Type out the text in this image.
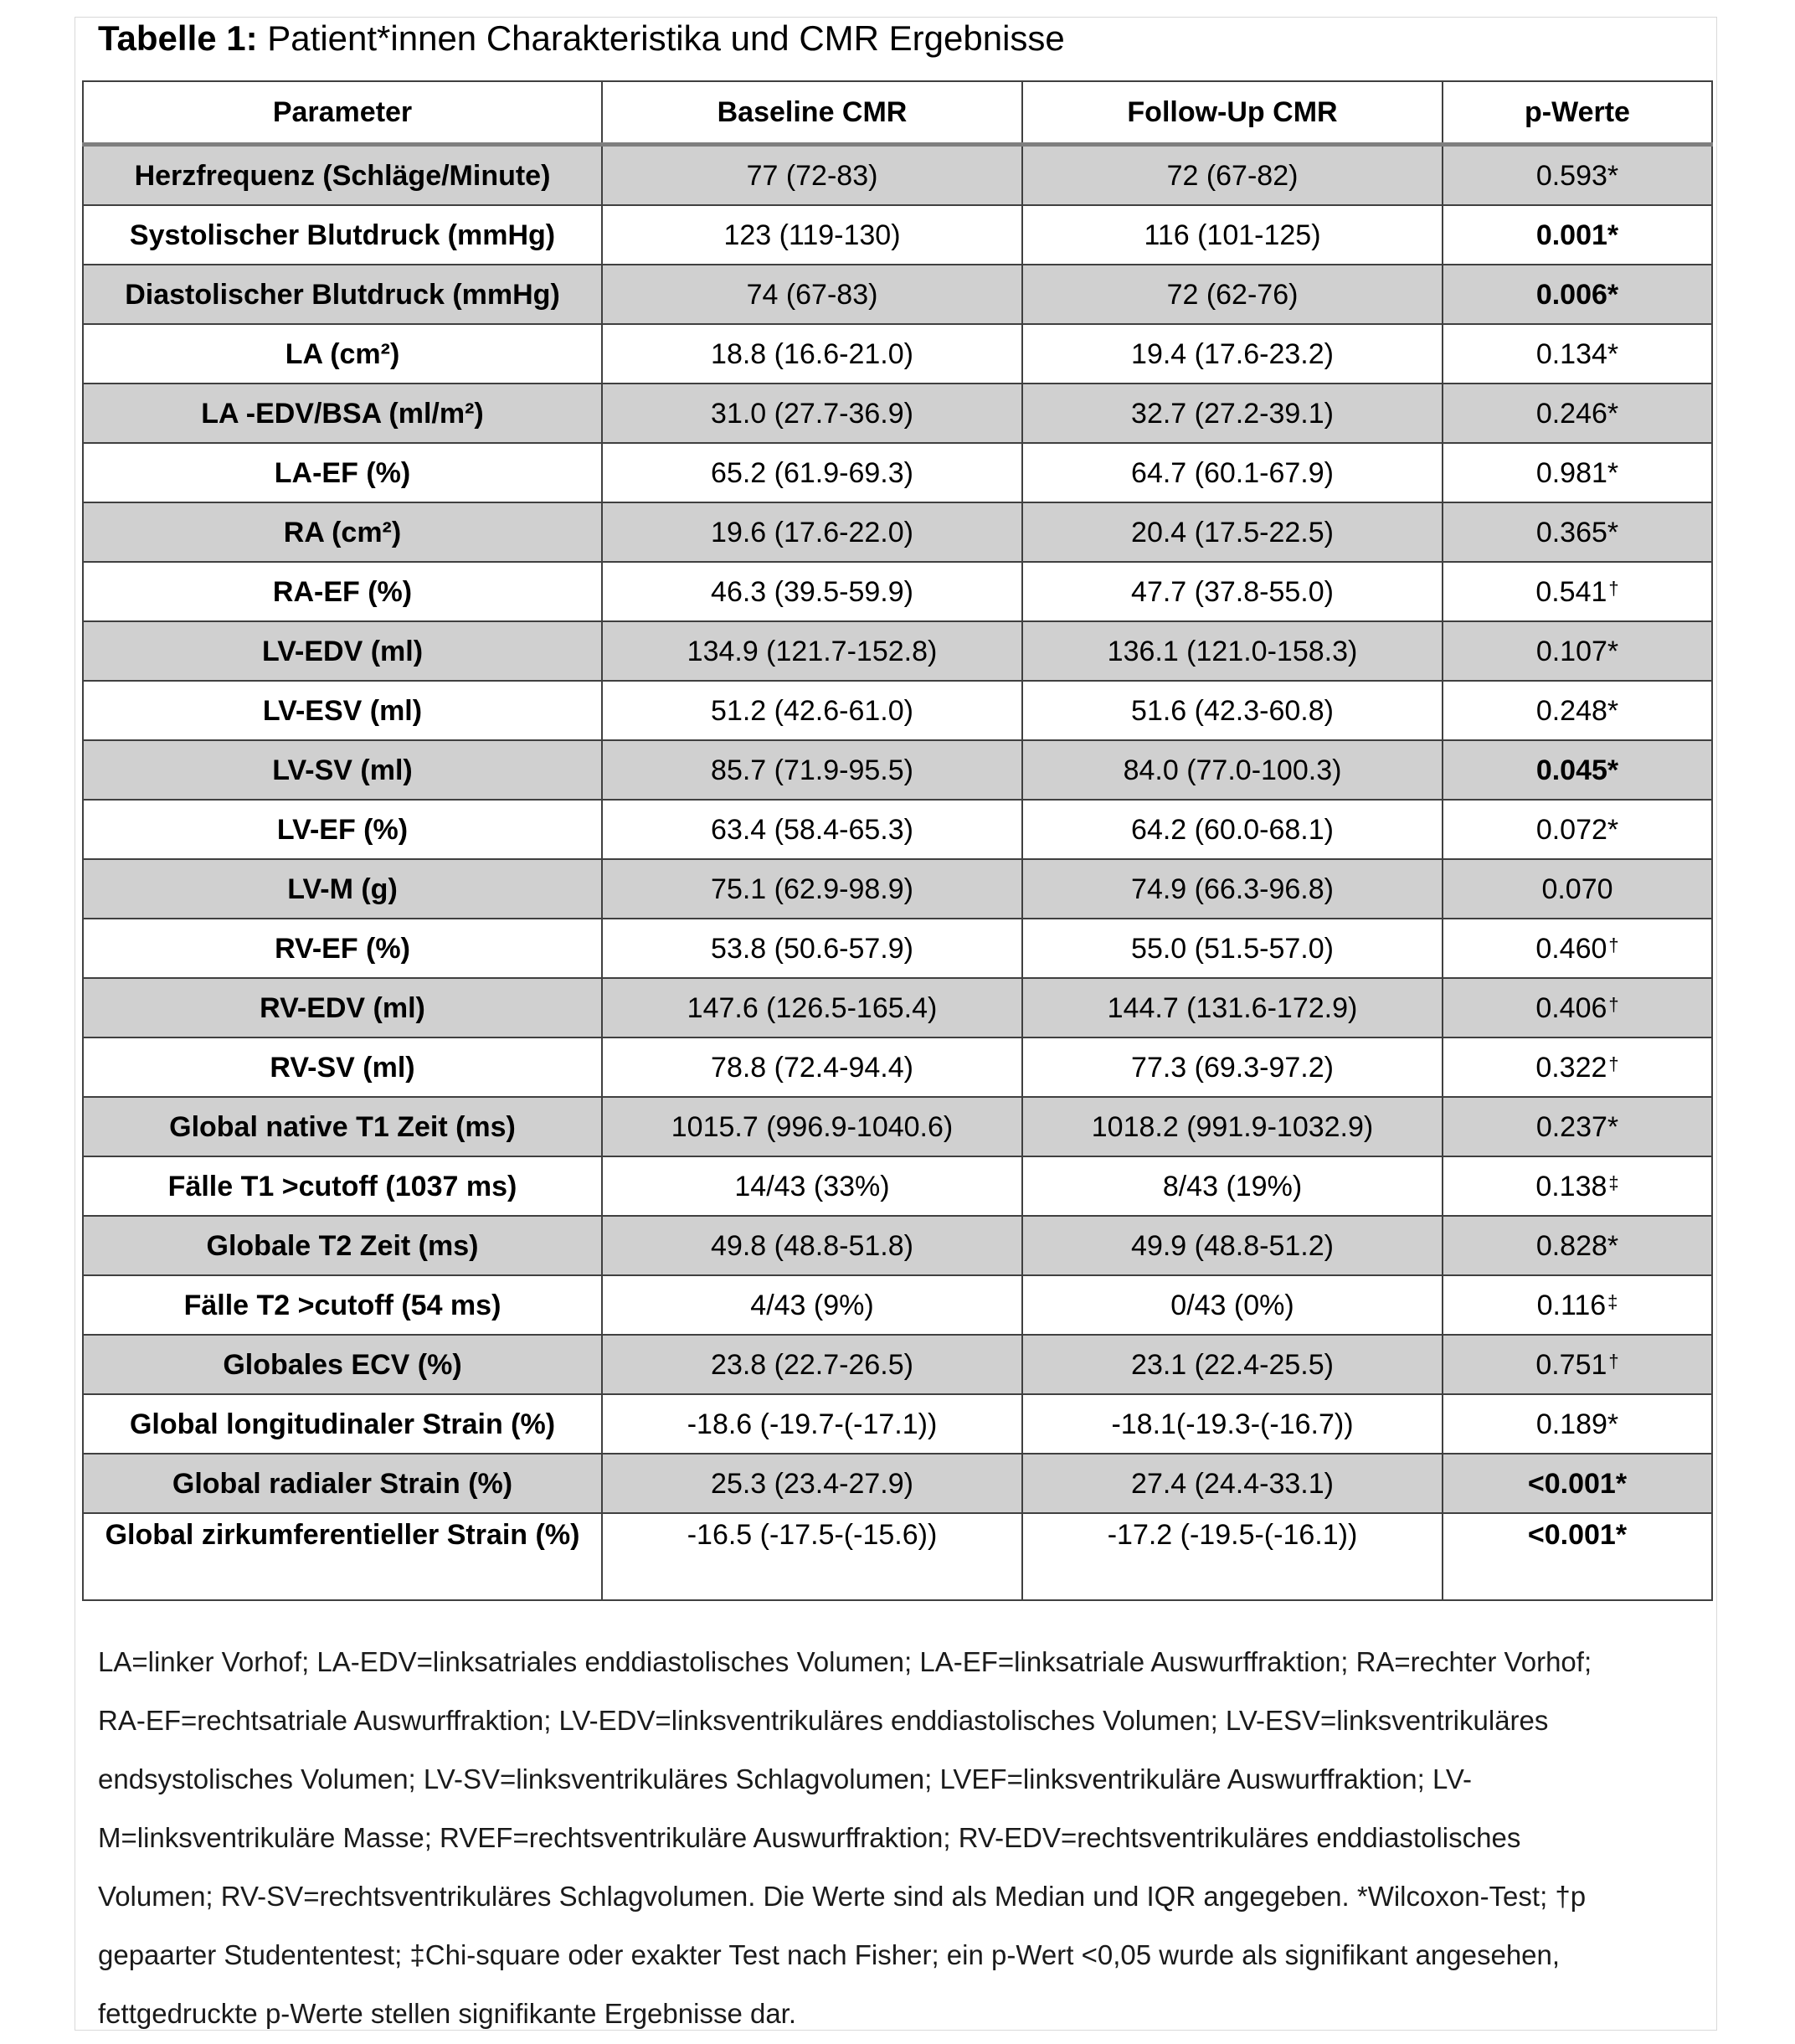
Tabelle 1: Patient*innen Charakteristika und CMR Ergebnisse
Parameter	Baseline CMR	Follow-Up CMR	p-Werte
Herzfrequenz (Schläge/Minute)	77 (72-83)	72 (67-82)	0.593*
Systolischer Blutdruck (mmHg)	123 (119-130)	116 (101-125)	0.001*
Diastolischer Blutdruck (mmHg)	74 (67-83)	72 (62-76)	0.006*
LA (cm²)	18.8 (16.6-21.0)	19.4 (17.6-23.2)	0.134*
LA -EDV/BSA (ml/m²)	31.0 (27.7-36.9)	32.7 (27.2-39.1)	0.246*
LA-EF (%)	65.2 (61.9-69.3)	64.7 (60.1-67.9)	0.981*
RA (cm²)	19.6 (17.6-22.0)	20.4 (17.5-22.5)	0.365*
RA-EF (%)	46.3 (39.5-59.9)	47.7 (37.8-55.0)	0.541†
LV-EDV (ml)	134.9 (121.7-152.8)	136.1 (121.0-158.3)	0.107*
LV-ESV (ml)	51.2 (42.6-61.0)	51.6 (42.3-60.8)	0.248*
LV-SV (ml)	85.7 (71.9-95.5)	84.0 (77.0-100.3)	0.045*
LV-EF (%)	63.4 (58.4-65.3)	64.2 (60.0-68.1)	0.072*
LV-M (g)	75.1 (62.9-98.9)	74.9 (66.3-96.8)	0.070
RV-EF (%)	53.8 (50.6-57.9)	55.0 (51.5-57.0)	0.460†
RV-EDV (ml)	147.6 (126.5-165.4)	144.7 (131.6-172.9)	0.406†
RV-SV (ml)	78.8 (72.4-94.4)	77.3 (69.3-97.2)	0.322†
Global native T1 Zeit (ms)	1015.7 (996.9-1040.6)	1018.2 (991.9-1032.9)	0.237*
Fälle T1 >cutoff (1037 ms)	14/43 (33%)	8/43 (19%)	0.138‡
Globale T2 Zeit (ms)	49.8 (48.8-51.8)	49.9 (48.8-51.2)	0.828*
Fälle T2 >cutoff (54 ms)	4/43 (9%)	0/43 (0%)	0.116‡
Globales ECV (%)	23.8 (22.7-26.5)	23.1 (22.4-25.5)	0.751†
Global longitudinaler Strain (%)	-18.6 (-19.7-(-17.1))	-18.1(-19.3-(-16.7))	0.189*
Global radialer Strain (%)	25.3 (23.4-27.9)	27.4 (24.4-33.1)	<0.001*
Global zirkumferentieller Strain (%)	-16.5 (-17.5-(-15.6))	-17.2 (-19.5-(-16.1))	<0.001*
LA=linker Vorhof; LA-EDV=linksatriales enddiastolisches Volumen; LA-EF=linksatriale Auswurffraktion; RA=rechter Vorhof;
RA-EF=rechtsatriale Auswurffraktion; LV-EDV=linksventrikuläres enddiastolisches Volumen; LV-ESV=linksventrikuläres
endsystolisches Volumen; LV-SV=linksventrikuläres Schlagvolumen; LVEF=linksventrikuläre Auswurffraktion; LV-
M=linksventrikuläre Masse; RVEF=rechtsventrikuläre Auswurffraktion; RV-EDV=rechtsventrikuläres enddiastolisches
Volumen; RV-SV=rechtsventrikuläres Schlagvolumen. Die Werte sind als Median und IQR angegeben. *Wilcoxon-Test; †p
gepaarter Studententest; ‡Chi-square oder exakter Test nach Fisher; ein p-Wert <0,05 wurde als signifikant angesehen,
fettgedruckte p-Werte stellen signifikante Ergebnisse dar.
